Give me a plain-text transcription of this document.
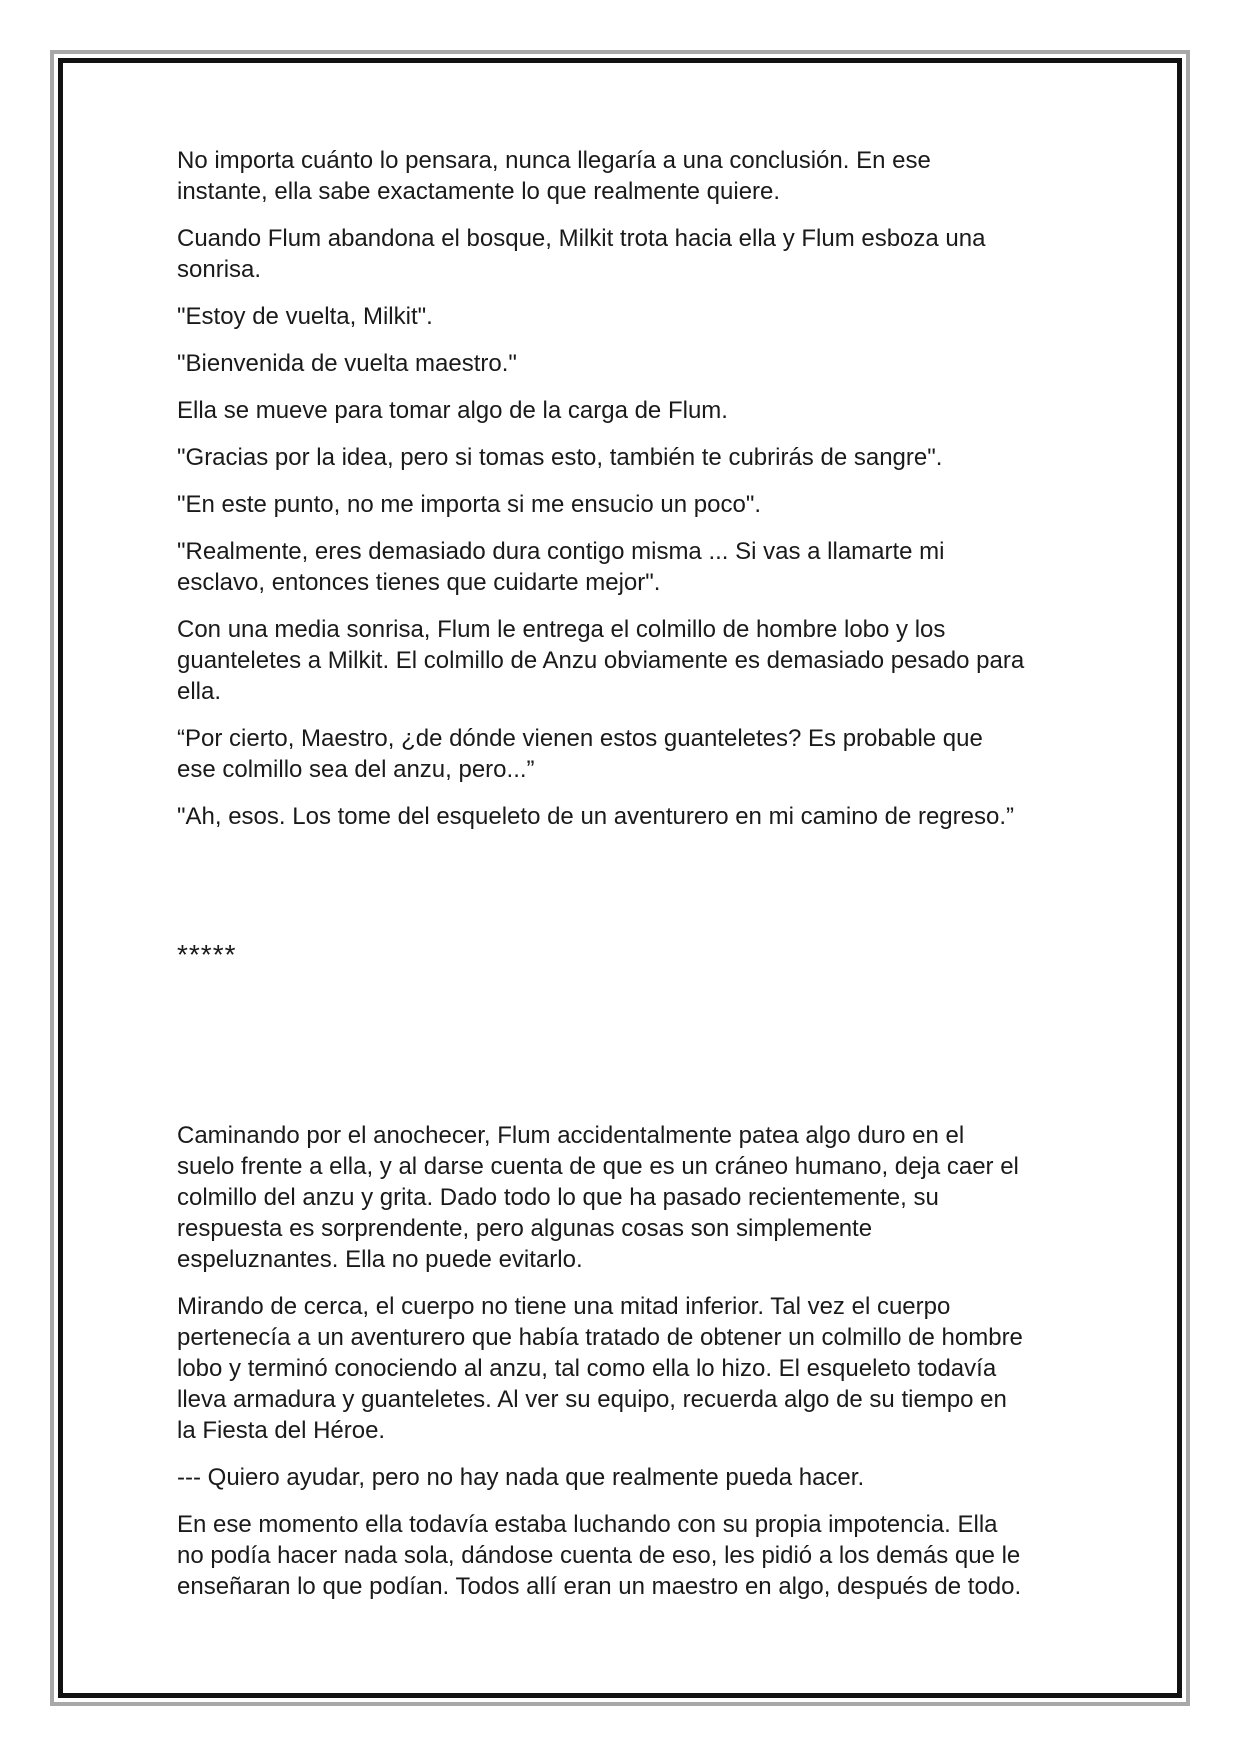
No importa cuánto lo pensara, nunca llegaría a una conclusión. En ese
instante, ella sabe exactamente lo que realmente quiere.

Cuando Flum abandona el bosque, Milkit trota hacia ella y Flum esboza una
sonrisa.

"Estoy de vuelta, Milkit".

"Bienvenida de vuelta maestro."

Ella se mueve para tomar algo de la carga de Flum.

"Gracias por la idea, pero si tomas esto, también te cubrirás de sangre".

"En este punto, no me importa si me ensucio un poco".

"Realmente, eres demasiado dura contigo misma ... Si vas a llamarte mi
esclavo, entonces tienes que cuidarte mejor".

Con una media sonrisa, Flum le entrega el colmillo de hombre lobo y los
guanteletes a Milkit. El colmillo de Anzu obviamente es demasiado pesado para
ella.

“Por cierto, Maestro, ¿de dónde vienen estos guanteletes? Es probable que
ese colmillo sea del anzu, pero...”

"Ah, esos. Los tome del esqueleto de un aventurero en mi camino de regreso.”

*****

Caminando por el anochecer, Flum accidentalmente patea algo duro en el
suelo frente a ella, y al darse cuenta de que es un cráneo humano, deja caer el
colmillo del anzu y grita. Dado todo lo que ha pasado recientemente, su
respuesta es sorprendente, pero algunas cosas son simplemente
espeluznantes. Ella no puede evitarlo.

Mirando de cerca, el cuerpo no tiene una mitad inferior. Tal vez el cuerpo
pertenecía a un aventurero que había tratado de obtener un colmillo de hombre
lobo y terminó conociendo al anzu, tal como ella lo hizo. El esqueleto todavía
lleva armadura y guanteletes. Al ver su equipo, recuerda algo de su tiempo en
la Fiesta del Héroe.

--- Quiero ayudar, pero no hay nada que realmente pueda hacer.

En ese momento ella todavía estaba luchando con su propia impotencia. Ella
no podía hacer nada sola, dándose cuenta de eso, les pidió a los demás que le
enseñaran lo que podían. Todos allí eran un maestro en algo, después de todo.
